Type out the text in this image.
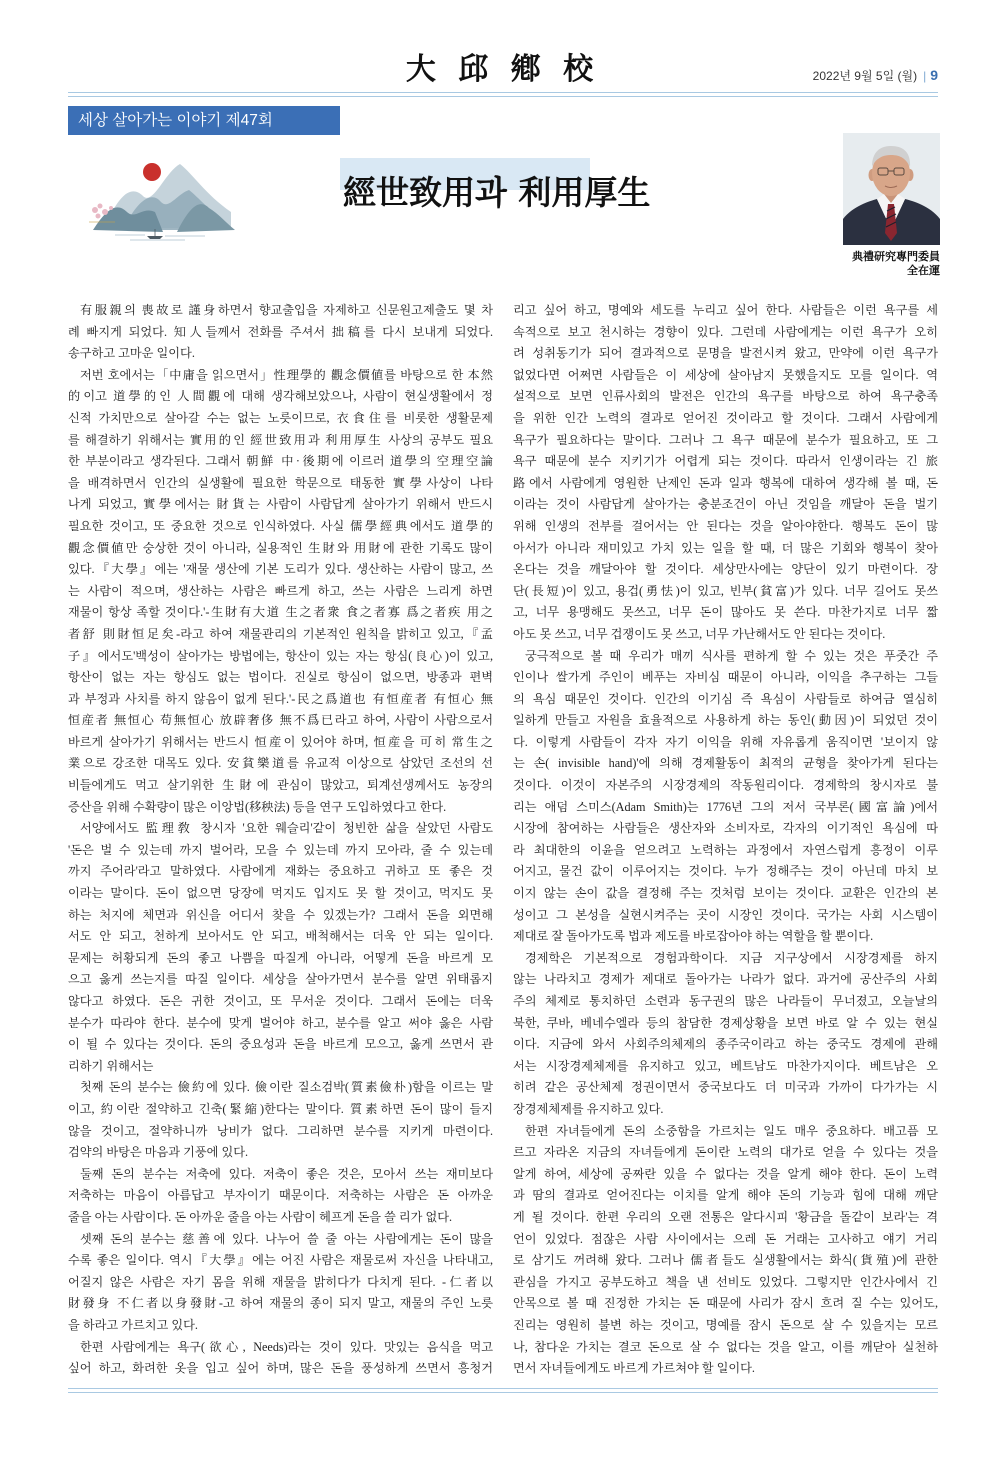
大 邱 鄕 校	2022년 9월 5일 (월) | 9
세상 살아가는 이야기 제47회
經世致用과 利用厚生
典禮研究專門委員
全在運
有服親의 喪故로 謹身하면서 향교출입을 자제하고 신문원고제출도 몇 차
례 빠지게 되었다. 知人들께서 전화를 주셔서 拙稿를 다시 보내게 되었다.
송구하고 고마운 일이다.
저번 호에서는「中庸을 읽으면서」性理學的 觀念價値를 바탕으로 한 本然
的이고 道學的인 人間觀에 대해 생각해보았으나, 사람이 현실생활에서 정
신적 가치만으로 살아갈 수는 없는 노릇이므로, 衣食住를 비롯한 생활문제
를 해결하기 위해서는 實用的인 經世致用과 利用厚生 사상의 공부도 필요
한 부분이라고 생각된다. 그래서 朝鮮 中·後期에 이르러 道學의 空理空論
을 배격하면서 인간의 실생활에 필요한 학문으로 태동한 實學사상이 나타
나게 되었고, 實學에서는 財貨는 사람이 사람답게 살아가기 위해서 반드시
필요한 것이고, 또 중요한 것으로 인식하였다. 사실 儒學經典에서도 道學的
觀念價値만 숭상한 것이 아니라, 실용적인 生財와 用財에 관한 기록도 많이
있다.『大學』에는 '재물 생산에 기본 도리가 있다. 생산하는 사람이 많고, 쓰
는 사람이 적으며, 생산하는 사람은 빠르게 하고, 쓰는 사람은 느리게 하면
재물이 항상 족할 것이다.'-生財有大道 生之者衆 食之者寡 爲之者疾 用之
者舒 則財恒足矣-라고 하여 재물관리의 기본적인 원칙을 밝히고 있고,『孟
子』에서도'백성이 살아가는 방법에는, 항산이 있는 자는 항심(良心)이 있고,
항산이 없는 자는 항심도 없는 법이다. 진실로 항심이 없으면, 방종과 편벽
과 부정과 사치를 하지 않음이 없게 된다.'-民之爲道也 有恒産者 有恒心 無
恒産者 無恒心 苟無恒心 放辟奢侈 無不爲已라고 하여, 사람이 사람으로서
바르게 살아가기 위해서는 반드시 恒産이 있어야 하며, 恒産을 可히 常生之
業으로 강조한 대목도 있다. 安貧樂道를 유교적 이상으로 삼았던 조선의 선
비들에게도 먹고 살기위한 生財에 관심이 많았고, 퇴계선생께서도 농장의
증산을 위해 수확량이 많은 이앙법(移秧法) 등을 연구 도입하였다고 한다.
서양에서도 監理敎 창시자 '요한 웨슬리'같이 청빈한 삶을 살았던 사람도
'돈은 벌 수 있는데 까지 벌어라, 모을 수 있는데 까지 모아라, 줄 수 있는데
까지 주어라'라고 말하였다. 사람에게 재화는 중요하고 귀하고 또 좋은 것
이라는 말이다. 돈이 없으면 당장에 먹지도 입지도 못 할 것이고, 먹지도 못
하는 처지에 체면과 위신을 어디서 찾을 수 있겠는가? 그래서 돈을 외면해
서도 안 되고, 천하게 보아서도 안 되고, 배척해서는 더욱 안 되는 일이다.
문제는 허황되게 돈의 좋고 나쁨을 따질게 아니라, 어떻게 돈을 바르게 모
으고 옳게 쓰는지를 따질 일이다. 세상을 살아가면서 분수를 알면 위태롭지
않다고 하였다. 돈은 귀한 것이고, 또 무서운 것이다. 그래서 돈에는 더욱
분수가 따라야 한다. 분수에 맞게 벌어야 하고, 분수를 알고 써야 옳은 사람
이 될 수 있다는 것이다. 돈의 중요성과 돈을 바르게 모으고, 옳게 쓰면서 관
리하기 위해서는
첫째 돈의 분수는 儉約에 있다. 儉이란 질소검박(質素儉朴)함을 이르는 말
이고, 約이란 절약하고 긴축(緊縮)한다는 말이다. 質素하면 돈이 많이 들지
않을 것이고, 절약하니까 낭비가 없다. 그리하면 분수를 지키게 마련이다.
검약의 바탕은 마음과 기풍에 있다.
둘째 돈의 분수는 저축에 있다. 저축이 좋은 것은, 모아서 쓰는 재미보다
저축하는 마음이 아름답고 부자이기 때문이다. 저축하는 사람은 돈 아까운
줄을 아는 사람이다. 돈 아까운 줄을 아는 사람이 헤프게 돈을 쓸 리가 없다.
셋째 돈의 분수는 慈善에 있다. 나누어 쓸 줄 아는 사람에게는 돈이 많을
수록 좋은 일이다. 역시『大學』에는 어진 사람은 재물로써 자신을 나타내고,
어질지 않은 사람은 자기 몸을 위해 재물을 밝히다가 다치게 된다. -仁者以
財發身 不仁者以身發財-고 하여 재물의 종이 되지 말고, 재물의 주인 노릇
을 하라고 가르치고 있다.
한편 사람에게는 욕구(欲心, Needs)라는 것이 있다. 맛있는 음식을 먹고
싶어 하고, 화려한 옷을 입고 싶어 하며, 많은 돈을 풍성하게 쓰면서 흥청거
리고 싶어 하고, 명예와 세도를 누리고 싶어 한다. 사람들은 이런 욕구를 세
속적으로 보고 천시하는 경향이 있다. 그런데 사람에게는 이런 욕구가 오히
려 성취동기가 되어 결과적으로 문명을 발전시켜 왔고, 만약에 이런 욕구가
없었다면 어쩌면 사람들은 이 세상에 살아남지 못했을지도 모를 일이다. 역
설적으로 보면 인류사회의 발전은 인간의 욕구를 바탕으로 하여 욕구충족
을 위한 인간 노력의 결과로 얻어진 것이라고 할 것이다. 그래서 사람에게
욕구가 필요하다는 말이다. 그러나 그 욕구 때문에 분수가 필요하고, 또 그
욕구 때문에 분수 지키기가 어렵게 되는 것이다. 따라서 인생이라는 긴 旅
路에서 사람에게 영원한 난제인 돈과 일과 행복에 대하여 생각해 볼 때, 돈
이라는 것이 사람답게 살아가는 충분조건이 아닌 것임을 깨달아 돈을 벌기
위해 인생의 전부를 걸어서는 안 된다는 것을 알아야한다. 행복도 돈이 많
아서가 아니라 재미있고 가치 있는 일을 할 때, 더 많은 기회와 행복이 찾아
온다는 것을 깨달아야 할 것이다. 세상만사에는 양단이 있기 마련이다. 장
단(長短)이 있고, 용겁(勇怯)이 있고, 빈부(貧富)가 있다. 너무 길어도 못쓰
고, 너무 용맹해도 못쓰고, 너무 돈이 많아도 못 쓴다. 마찬가지로 너무 짧
아도 못 쓰고, 너무 겁쟁이도 못 쓰고, 너무 가난해서도 안 된다는 것이다.
궁극적으로 볼 때 우리가 매끼 식사를 편하게 할 수 있는 것은 푸줏간 주
인이나 쌀가게 주인이 베푸는 자비심 때문이 아니라, 이익을 추구하는 그들
의 욕심 때문인 것이다. 인간의 이기심 즉 욕심이 사람들로 하여금 열심히
일하게 만들고 자원을 효율적으로 사용하게 하는 동인(動因)이 되었던 것이
다. 이렇게 사람들이 각자 자기 이익을 위해 자유롭게 움직이면 '보이지 않
는 손( invisible hand)'에 의해 경제활동이 최적의 균형을 찾아가게 된다는
것이다. 이것이 자본주의 시장경제의 작동원리이다. 경제학의 창시자로 불
리는 애덤 스미스(Adam Smith)는 1776년 그의 저서 국부론(國富論)에서
시장에 참여하는 사람들은 생산자와 소비자로, 각자의 이기적인 욕심에 따
라 최대한의 이윤을 얻으려고 노력하는 과정에서 자연스럽게 흥정이 이루
어지고, 물건 값이 이루어지는 것이다. 누가 정해주는 것이 아닌데 마치 보
이지 않는 손이 값을 결정해 주는 것처럼 보이는 것이다. 교환은 인간의 본
성이고 그 본성을 실현시켜주는 곳이 시장인 것이다. 국가는 사회 시스템이
제대로 잘 돌아가도록 법과 제도를 바로잡아야 하는 역할을 할 뿐이다.
경제학은 기본적으로 경험과학이다. 지금 지구상에서 시장경제를 하지
않는 나라치고 경제가 제대로 돌아가는 나라가 없다. 과거에 공산주의 사회
주의 체제로 통치하던 소련과 동구권의 많은 나라들이 무너졌고, 오늘날의
북한, 쿠바, 베네수엘라 등의 참담한 경제상황을 보면 바로 알 수 있는 현실
이다. 지금에 와서 사회주의체제의 종주국이라고 하는 중국도 경제에 관해
서는 시장경제체제를 유지하고 있고, 베트남도 마찬가지이다. 베트남은 오
히려 같은 공산체제 정권이면서 중국보다도 더 미국과 가까이 다가가는 시
장경제체제를 유지하고 있다.
한편 자녀들에게 돈의 소중함을 가르치는 일도 매우 중요하다. 배고픔 모
르고 자라온 지금의 자녀들에게 돈이란 노력의 대가로 얻을 수 있다는 것을
알게 하여, 세상에 공짜란 있을 수 없다는 것을 알게 해야 한다. 돈이 노력
과 땀의 결과로 얻어진다는 이치를 알게 해야 돈의 기능과 힘에 대해 깨닫
게 될 것이다. 한편 우리의 오랜 전통은 알다시피 '황금을 돌같이 보라'는 격
언이 있었다. 점잖은 사람 사이에서는 으레 돈 거래는 고사하고 얘기 거리
로 삼기도 꺼려해 왔다. 그러나 儒者들도 실생활에서는 화식(貨殖)에 관한
관심을 가지고 공부도하고 책을 낸 선비도 있었다. 그렇지만 인간사에서 긴
안목으로 볼 때 진정한 가치는 돈 때문에 사리가 잠시 흐려 질 수는 있어도,
진리는 영원히 불변 하는 것이고, 명예를 잠시 돈으로 살 수 있을지는 모르
나, 참다운 가치는 결코 돈으로 살 수 없다는 것을 알고, 이를 깨닫아 실천하
면서 자녀들에게도 바르게 가르쳐야 할 일이다.
